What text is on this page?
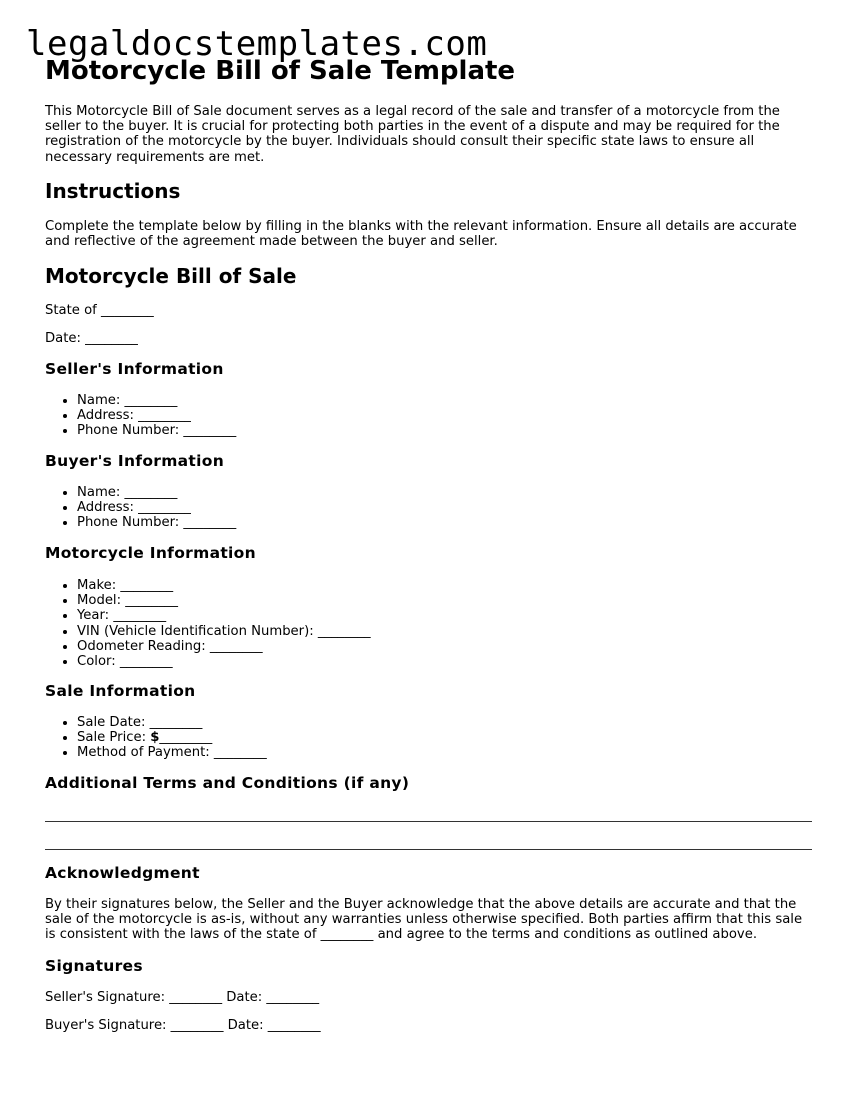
legaldocstemplates.com
Motorcycle Bill of Sale Template

This Motorcycle Bill of Sale document serves as a legal record of the sale and transfer of a motorcycle from the seller to the buyer. It is crucial for protecting both parties in the event of a dispute and may be required for the registration of the motorcycle by the buyer. Individuals should consult their specific state laws to ensure all necessary requirements are met.

Instructions

Complete the template below by filling in the blanks with the relevant information. Ensure all details are accurate and reflective of the agreement made between the buyer and seller.

Motorcycle Bill of Sale
State of ________
Date: ________
Seller's Information
• Name: ________
• Address: ________
• Phone Number: ________
Buyer's Information
• Name: ________
• Address: ________
• Phone Number: ________
Motorcycle Information
• Make: ________
• Model: ________
• Year: ________
• VIN (Vehicle Identification Number): ________
• Odometer Reading: ________
• Color: ________
Sale Information
• Sale Date: ________
• Sale Price: $________
• Method of Payment: ________
Additional Terms and Conditions (if any)
Acknowledgment

By their signatures below, the Seller and the Buyer acknowledge that the above details are accurate and that the sale of the motorcycle is as-is, without any warranties unless otherwise specified. Both parties affirm that this sale is consistent with the laws of the state of ________ and agree to the terms and conditions as outlined above.

Signatures
Seller's Signature: ________ Date: ________
Buyer's Signature: ________ Date: ________
